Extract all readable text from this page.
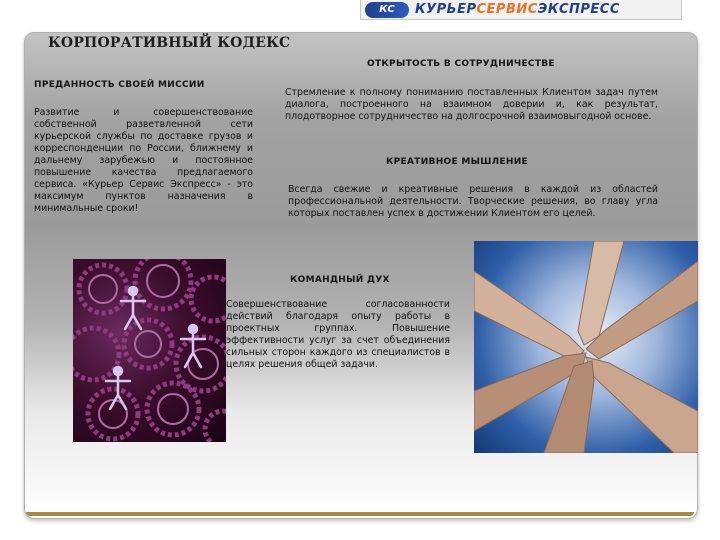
КС КУРЬЕРСЕРВИСЭКСПРЕСС
КОРПОРАТИВНЫЙ КОДЕКС
ПРЕДАННОСТЬ СВОЕЙ МИССИИ

Развитие и совершенствование собственной разветвленной сети курьерской службы по доставке грузов и корреспонденции по России, ближнему и дальнему зарубежью и постоянное повышение качества предлагаемого сервиса. «Курьер Сервис Экспресс» - это максимум пунктов назначения в минимальные сроки!

ОТКРЫТОСТЬ В СОТРУДНИЧЕСТВЕ

Стремление к полному пониманию поставленных Клиентом задач путем диалога, построенного на взаимном доверии и, как результат, плодотворное сотрудничество на долгосрочной взаимовыгодной основе.

КРЕАТИВНОЕ МЫШЛЕНИЕ

Всегда свежие и креативные решения в каждой из областей профессиональной деятельности. Творческие решения, во главу угла которых поставлен успех в достижении Клиентом его целей.

КОМАНДНЫЙ ДУХ

Совершенствование согласованности действий благодаря опыту работы в проектных группах. Повышение эффективности услуг за счет объединения сильных сторон каждого из специалистов в целях решения общей задачи.
